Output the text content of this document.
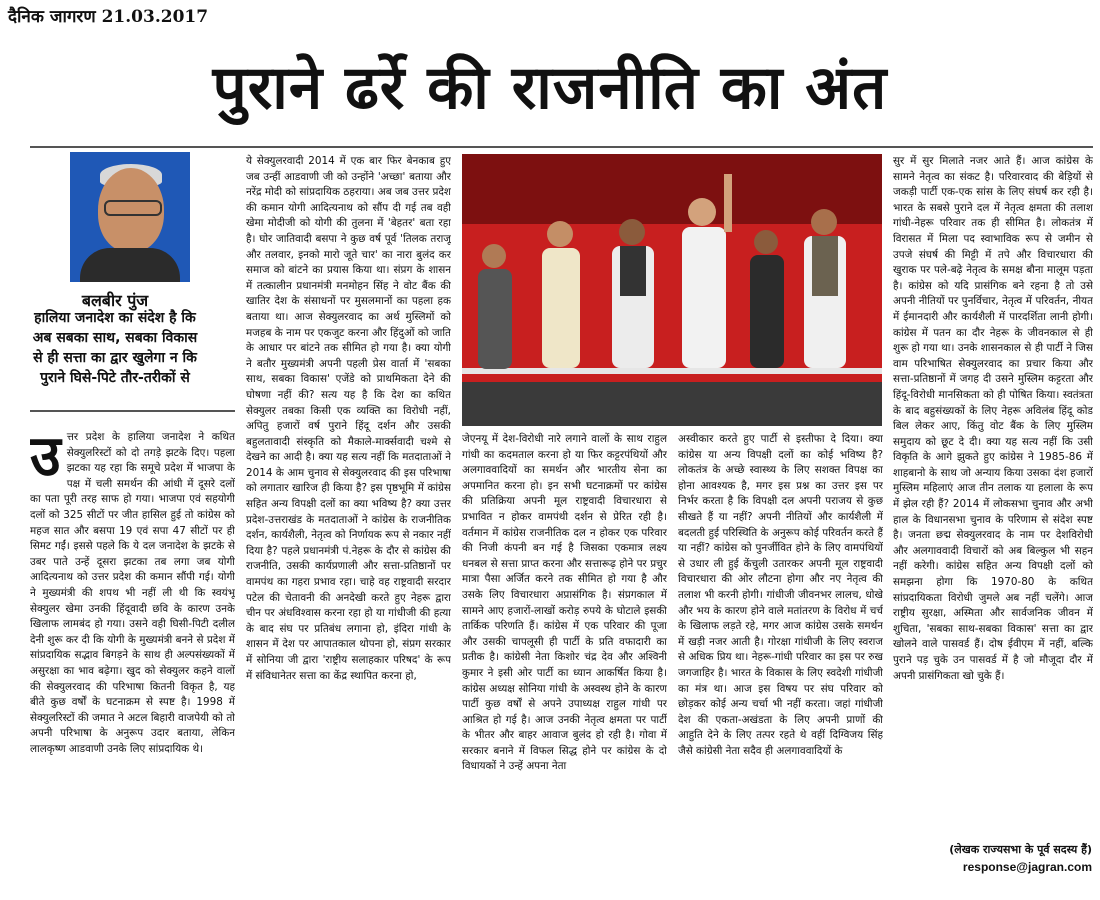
दैनिक जागरण 21.03.2017
पुराने ढर्रे की राजनीति का अंत
बलबीर पुंज
हालिया जनादेश का संदेश है कि अब सबका साथ, सबका विकास से ही सत्ता का द्वार खुलेगा न कि पुराने घिसे-पिटे तौर-तरीकों से
उ त्तर प्रदेश के हालिया जनादेश ने कथित सेक्युलरिस्टों को दो तगड़े झटके दिए। पहला झटका यह रहा कि समूचे प्रदेश में भाजपा के पक्ष में चली समर्थन की आंधी में दूसरे दलों का पता पूरी तरह साफ हो गया। भाजपा एवं सहयोगी दलों को 325 सीटों पर जीत हासिल हुई तो कांग्रेस को महज सात और बसपा 19 एवं सपा 47 सीटों पर ही सिमट गईं। इससे पहले कि ये दल जनादेश के झटके से उबर पाते उन्हें दूसरा झटका तब लगा जब योगी आदित्यनाथ को उत्तर प्रदेश की कमान सौंपी गई। योगी ने मुख्यमंत्री की शपथ भी नहीं ली थी कि स्वयंभू सेक्युलर खेमा उनकी हिंदूवादी छवि के कारण उनके खिलाफ लामबंद हो गया। उसने वही घिसी-पिटी दलील देनी शुरू कर दी कि योगी के मुख्यमंत्री बनने से प्रदेश में सांप्रदायिक सद्भाव बिगड़ने के साथ ही अल्पसंख्यकों में असुरक्षा का भाव बढ़ेगा। खुद को सेक्युलर कहने वालों की सेक्युलरवाद की परिभाषा कितनी विकृत है, यह बीते कुछ वर्षों के घटनाक्रम से स्पष्ट है। 1998 में सेक्युलरिस्टों की जमात ने अटल बिहारी वाजपेयी को तो अपनी परिभाषा के अनुरूप उदार बताया, लेकिन लालकृष्ण आडवाणी उनके लिए सांप्रदायिक थे।
ये सेक्युलरवादी 2014 में एक बार फिर बेनकाब हुए जब उन्हीं आडवाणी जी को उन्होंने 'अच्छा' बताया और नरेंद्र मोदी को सांप्रदायिक ठहराया। अब जब उत्तर प्रदेश की कमान योगी आदित्यनाथ को सौंप दी गई तब वही खेमा मोदीजी को योगी की तुलना में 'बेहतर' बता रहा है। घोर जातिवादी बसपा ने कुछ वर्ष पूर्व 'तिलक तराजू और तलवार, इनको मारो जूते चार' का नारा बुलंद कर समाज को बांटने का प्रयास किया था। संप्रग के शासन में तत्कालीन प्रधानमंत्री मनमोहन सिंह ने वोट बैंक की खातिर देश के संसाधनों पर मुसलमानों का पहला हक बताया था। आज सेक्युलरवाद का अर्थ मुस्लिमों को मजहब के नाम पर एकजुट करना और हिंदुओं को जाति के आधार पर बांटने तक सीमित हो गया है। क्या योगी ने बतौर मुख्यमंत्री अपनी पहली प्रेस वार्ता में 'सबका साथ, सबका विकास' एजेंडे को प्राथमिकता देने की घोषणा नहीं की? सत्य यह है कि देश का कथित सेक्युलर तबका किसी एक व्यक्ति का विरोधी नहीं, अपितु हजारों वर्ष पुराने हिंदू दर्शन और उसकी बहुलतावादी संस्कृति को मैकाले-मार्क्सवादी चश्मे से देखने का आदी है। क्या यह सत्य नहीं कि मतदाताओं ने 2014 के आम चुनाव से सेक्युलरवाद की इस परिभाषा को लगातार खारिज ही किया है? इस पृष्ठभूमि में कांग्रेस सहित अन्य विपक्षी दलों का क्या भविष्य है? क्या उत्तर प्रदेश-उत्तराखंड के मतदाताओं ने कांग्रेस के राजनीतिक दर्शन, कार्यशैली, नेतृत्व को निर्णायक रूप से नकार नहीं दिया है? पहले प्रधानमंत्री पं.नेहरू के दौर से कांग्रेस की राजनीति, उसकी कार्यप्रणाली और सत्ता-प्रतिष्ठानों पर वामपंथ का गहरा प्रभाव रहा। चाहे वह राष्ट्रवादी सरदार पटेल की चेतावनी की अनदेखी करते हुए नेहरू द्वारा चीन पर अंधविश्वास करना रहा हो या गांधीजी की हत्या के बाद संघ पर प्रतिबंध लगाना हो, इंदिरा गांधी के शासन में देश पर आपातकाल थोपना हो, संप्रग सरकार में सोनिया जी द्वारा 'राष्ट्रीय सलाहकार परिषद' के रूप में संविधानेतर सत्ता का केंद्र स्थापित करना हो,
जेएनयू में देश-विरोधी नारे लगाने वालों के साथ राहुल गांधी का कदमताल करना हो या फिर कट्टरपंथियों और अलगाववादियों का समर्थन और भारतीय सेना का अपमानित करना हो। इन सभी घटनाक्रमों पर कांग्रेस की प्रतिक्रिया अपनी मूल राष्ट्रवादी विचारधारा से प्रभावित न होकर वामपंथी दर्शन से प्रेरित रही है। वर्तमान में कांग्रेस राजनीतिक दल न होकर एक परिवार की निजी कंपनी बन गई है जिसका एकमात्र लक्ष्य धनबल से सत्ता प्राप्त करना और सत्तारूढ़ होने पर प्रचुर मात्रा पैसा अर्जित करने तक सीमित हो गया है और उसके लिए विचारधारा अप्रासंगिक है। संप्रगकाल में सामने आए हजारों-लाखों करोड़ रुपये के घोटाले इसकी तार्किक परिणति हैं। कांग्रेस में एक परिवार की पूजा और उसकी चापलूसी ही पार्टी के प्रति वफादारी का प्रतीक है। कांग्रेसी नेता किशोर चंद्र देव और अश्विनी कुमार ने इसी ओर पार्टी का ध्यान आकर्षित किया है। कांग्रेस अध्यक्ष सोनिया गांधी के अस्वस्थ होने के कारण पार्टी कुछ वर्षों से अपने उपाध्यक्ष राहुल गांधी पर आश्रित हो गई है। आज उनकी नेतृत्व क्षमता पर पार्टी के भीतर और बाहर आवाज बुलंद हो रही है। गोवा में सरकार बनाने में विफल सिद्ध होने पर कांग्रेस के दो विधायकों ने उन्हें अपना नेता
अस्वीकार करते हुए पार्टी से इस्तीफा दे दिया। क्या कांग्रेस या अन्य विपक्षी दलों का कोई भविष्य है? लोकतंत्र के अच्छे स्वास्थ्य के लिए सशक्त विपक्ष का होना आवश्यक है, मगर इस प्रश्न का उत्तर इस पर निर्भर करता है कि विपक्षी दल अपनी पराजय से कुछ सीखते हैं या नहीं? अपनी नीतियों और कार्यशैली में बदलती हुई परिस्थिति के अनुरूप कोई परिवर्तन करते हैं या नहीं? कांग्रेस को पुनर्जीवित होने के लिए वामपंथियों से उधार ली हुई केंचुली उतारकर अपनी मूल राष्ट्रवादी विचारधारा की ओर लौटना होगा और नए नेतृत्व की तलाश भी करनी होगी। गांधीजी जीवनभर लालच, धोखे और भय के कारण होने वाले मतांतरण के विरोध में चर्च के खिलाफ लड़ते रहे, मगर आज कांग्रेस उसके समर्थन में खड़ी नजर आती है। गोरक्षा गांधीजी के लिए स्वराज से अधिक प्रिय था। नेहरू-गांधी परिवार का इस पर रुख जगजाहिर है। भारत के विकास के लिए स्वदेशी गांधीजी का मंत्र था। आज इस विषय पर संघ परिवार को छोड़कर कोई अन्य चर्चा भी नहीं करता। जहां गांधीजी देश की एकता-अखंडता के लिए अपनी प्राणों की आहुति देने के लिए तत्पर रहते थे वहीं दिग्विजय सिंह जैसे कांग्रेसी नेता सदैव ही अलगाववादियों के
सुर में सुर मिलाते नजर आते हैं। आज कांग्रेस के सामने नेतृत्व का संकट है। परिवारवाद की बेड़ियों से जकड़ी पार्टी एक-एक सांस के लिए संघर्ष कर रही है। भारत के सबसे पुराने दल में नेतृत्व क्षमता की तलाश गांधी-नेहरू परिवार तक ही सीमित है। लोकतंत्र में विरासत में मिला पद स्वाभाविक रूप से जमीन से उपजे संघर्ष की मिट्टी में तपे और विचारधारा की खुराक पर पले-बढ़े नेतृत्व के समक्ष बौना मालूम पड़ता है। कांग्रेस को यदि प्रासंगिक बने रहना है तो उसे अपनी नीतियों पर पुनर्विचार, नेतृत्व में परिवर्तन, नीयत में ईमानदारी और कार्यशैली में पारदर्शिता लानी होगी। कांग्रेस में पतन का दौर नेहरू के जीवनकाल से ही शुरू हो गया था। उनके शासनकाल से ही पार्टी ने जिस वाम परिभाषित सेक्युलरवाद का प्रचार किया और सत्ता-प्रतिष्ठानों में जगह दी उसने मुस्लिम कट्टरता और हिंदू-विरोधी मानसिकता को ही पोषित किया। स्वतंत्रता के बाद बहुसंख्यकों के लिए नेहरू अविलंब हिंदू कोड बिल लेकर आए, किंतु वोट बैंक के लिए मुस्लिम समुदाय को छूट दे दी। क्या यह सत्य नहीं कि उसी विकृति के आगे झुकते हुए कांग्रेस ने 1985-86 में शाहबानो के साथ जो अन्याय किया उसका दंश हजारों मुस्लिम महिलाएं आज तीन तलाक या हलाला के रूप में झेल रही हैं? 2014 में लोकसभा चुनाव और अभी हाल के विधानसभा चुनाव के परिणाम से संदेश स्पष्ट है। जनता छद्म सेक्युलरवाद के नाम पर देशविरोधी और अलगाववादी विचारों को अब बिल्कुल भी सहन नहीं करेगी। कांग्रेस सहित अन्य विपक्षी दलों को समझना होगा कि 1970-80 के कथित सांप्रदायिकता विरोधी जुमले अब नहीं चलेंगे। आज राष्ट्रीय सुरक्षा, अस्मिता और सार्वजनिक जीवन में शुचिता, 'सबका साथ-सबका विकास' सत्ता का द्वार खोलने वाले पासवर्ड हैं। दोष ईवीएम में नहीं, बल्कि पुराने पड़ चुके उन पासवर्ड में है जो मौजूदा दौर में अपनी प्रासंगिकता खो चुके हैं।
(लेखक राज्यसभा के पूर्व सदस्य हैं)
response@jagran.com
